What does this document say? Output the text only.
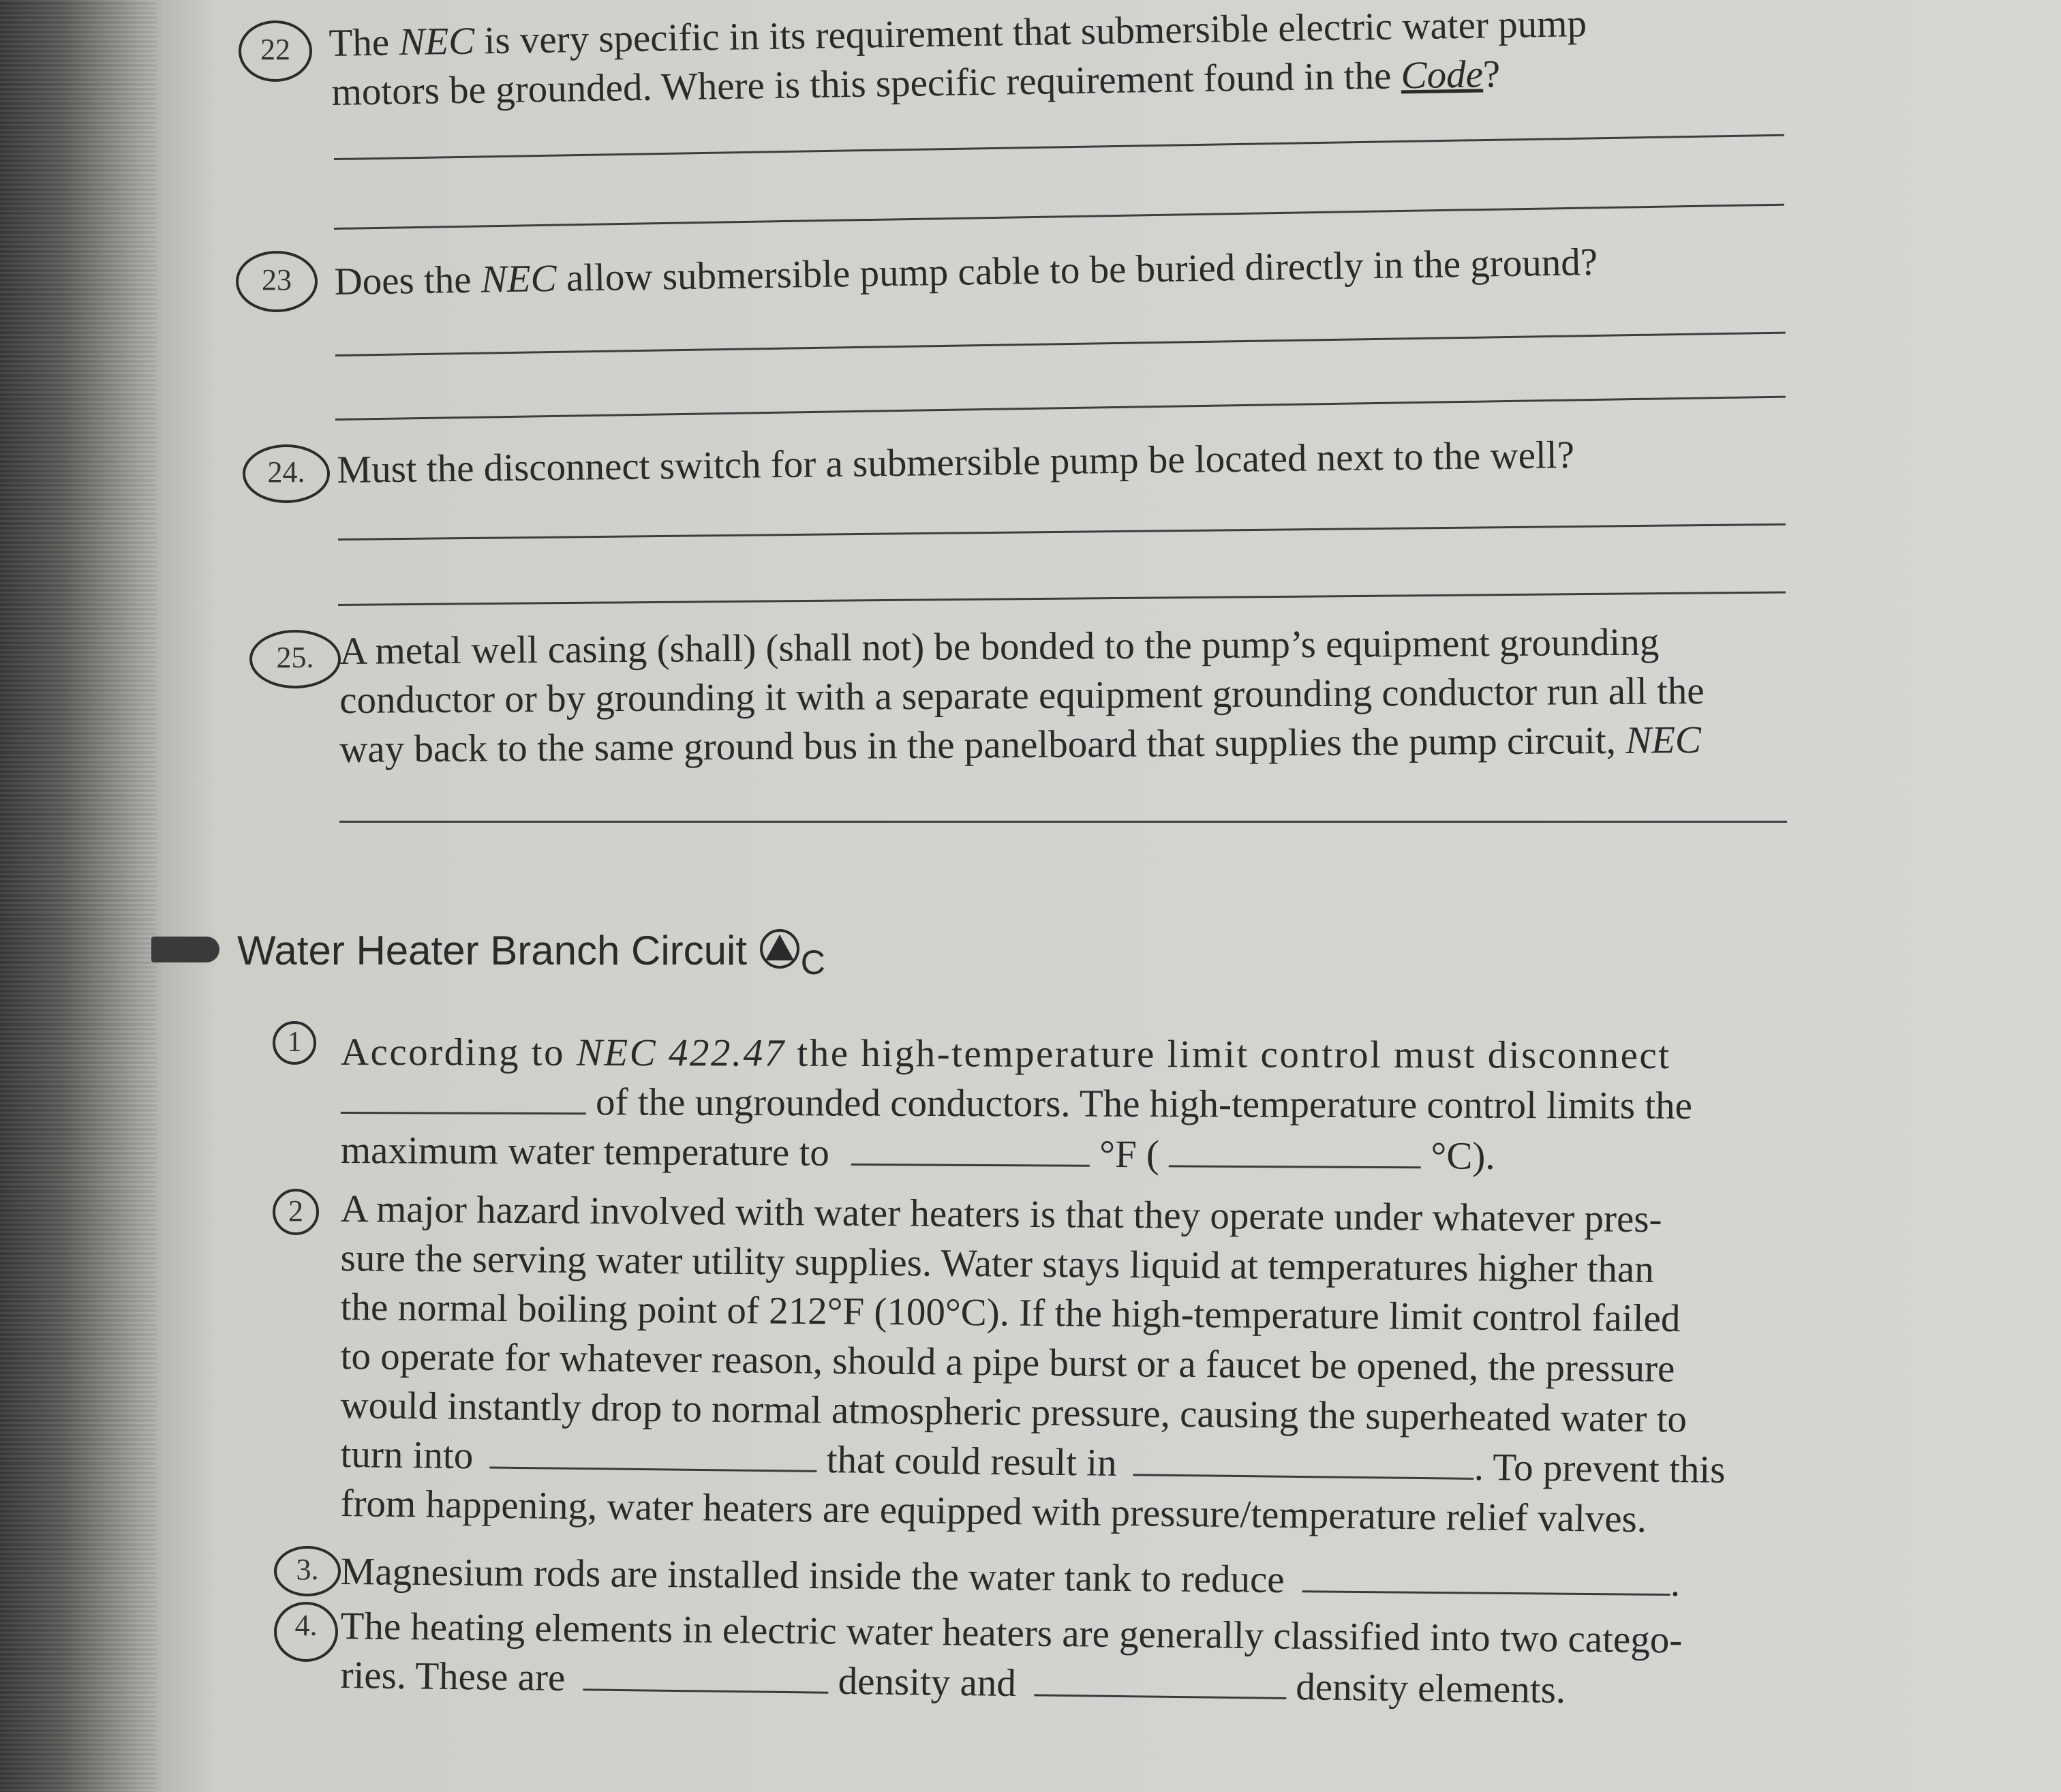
22 The NEC is very specific in its requirement that submersible electric water pump
motors be grounded. Where is this specific requirement found in the Code?
23	Does the NEC allow submersible pump cable to be buried directly in the ground?
24. Must the disconnect switch for a submersible pump be located next to the well?
25. A metal well casing (shall) (shall not) be bonded to the pump’s equipment grounding
conductor or by grounding it with a separate equipment grounding conductor run all the
way back to the same ground bus in the panelboard that supplies the pump circuit, NEC
Water Heater Branch Circuit $_C$
1	According to NEC 422.47 the high-temperature limit control must disconnect
of the ungrounded conductors. The high-temperature control limits the
maximum water temperature to	°F (	°C).
2 A major hazard involved with water heaters is that they operate under whatever pres-
sure the serving water utility supplies. Water stays liquid at temperatures higher than
the normal boiling point of 212°F (100°C). If the high-temperature limit control failed
to operate for whatever reason, should a pipe burst or a faucet be opened, the pressure
would instantly drop to normal atmospheric pressure, causing the superheated water to
turn into	that could result in	. To prevent this
from happening, water heaters are equipped with pressure/temperature relief valves.
3. Magnesium rods are installed inside the water tank to reduce	.
4. The heating elements in electric water heaters are generally classified into two catego-
ries. These are	density and	density elements.
